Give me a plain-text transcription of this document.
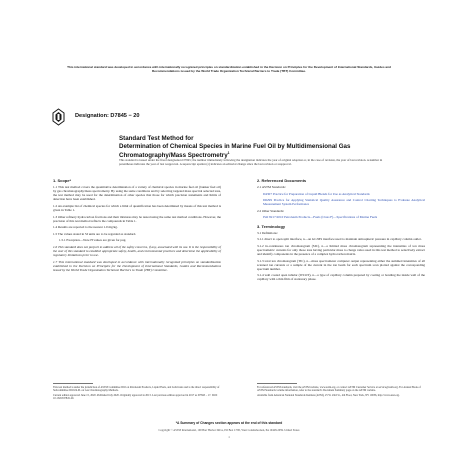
This international standard was developed in accordance with internationally recognized principles on standardization established in the Decision on Principles for the Development of International Standards, Guides and Recommendations issued by the World Trade Organization Technical Barriers to Trade (TBT) Committee.
Designation: D7845 − 20
Standard Test Method for
Determination of Chemical Species in Marine Fuel Oil by Multidimensional Gas Chromatography/Mass Spectrometry$^1$
This standard is issued under the fixed designation D7845; the number immediately following the designation indicates the year of original adoption or, in the case of revision, the year of last revision. A number in parentheses indicates the year of last reapproval. A superscript epsilon (ε) indicates an editorial change since the last revision or reapproval.
1. Scope*

1.1 This test method covers the quantitative determination of a variety of chemical species in marine fuel oil (bunker fuel oil) by gas chromatography/mass spectrometry. By using the same conditions and by selecting targeted mass spectral selected ions, the test method may be used for the determination of other species that those for which precision statements and limits of detection have been established.

1.2 An example list of chemical species for which a limit of quantification has been determined by means of this test method is given in Table 1.

1.3 Other refinery hydrocarbon fractions and their mixtures may be tested using the same test method conditions. However, the precision of this test method reflects the compounds in Table 1.

1.4 Results are reported to the nearest 1.0 mg/kg.

1.5 The values stated in SI units are to be regarded as standard.

1.5.1 Exception—Note H values are given for pug.

1.6 This standard does not purport to address all of the safety concerns, if any, associated with its use. It is the responsibility of the user of this standard to establish appropriate safety, health, and environmental practices and determine the applicability of regulatory limitations prior to use.

1.7 This international standard was developed in accordance with internationally recognized principles on standardization established in the Decision on Principles for the Development of International Standards, Guides and Recommendations issued by the World Trade Organization Technical Barriers to Trade (TBT) Committee.

2. Referenced Documents

2.1 ASTM Standards:

D4307 Practice for Preparation of Liquid Blends for Use as Analytical Standards

D6299 Practice for Applying Statistical Quality Assurance and Control Charting Techniques to Evaluate Analytical Measurement System Performance

2.2 Other Standards:

ISO 8217:2010 Petroleum Products—Fuels (Class F)—Specifications of Marine Fuels

3. Terminology

3.1 Definitions:

3.1.1 direct to open split interface, n—an GC/MS interface used to maintain atmospheric pressure in capillary column outlet.

3.1.2 in-continuous ion chromatogram (SIC), n—a limited mass chromatogram representing the intensities of ion mass spectrometric currents for only those ions having particular mass to charge ratios used in this test method to selectively extract and identify components in the presence of a complex hydrocarbon matrix.

3.1.3 total ion chromatogram (TIC), n—mass spectrometer computer output representing either the summed intensities of all scanned ion currents or a sample of the current in the ion beam for each spectrum scan plotted against the corresponding spectrum number.

3.1.4 wall coated open tubular (WCOT), n—a type of capillary column prepared by coating or bonding the inside wall of the capillary with a thin film of stationary phase.

This test method is under the jurisdiction of ASTM Committee D02 on Petroleum Products, Liquid Fuels, and Lubricants and is the direct responsibility of Subcommittee D02.04.0L on Gas Chromatography Methods.

Current edition approved June 15, 2020. Published July 2020. Originally approved in 2013. Last previous edition approved in 2017 as D7845 – 17. DOI: 10.1520/D7845-20.

For referenced ASTM standards, visit the ASTM website, www.astm.org, or contact ASTM Customer Service at service@astm.org. For Annual Book of ASTM Standards volume information, refer to the standard's Document Summary page on the ASTM website.

Available from American National Standards Institute (ANSI), 25 W. 43rd St., 4th Floor, New York, NY 10036, http://www.ansi.org.

*A Summary of Changes section appears at the end of this standard
Copyright © ASTM International, 100 Barr Harbor Drive, PO Box C700, West Conshohocken, PA 19428-2959. United States
1
